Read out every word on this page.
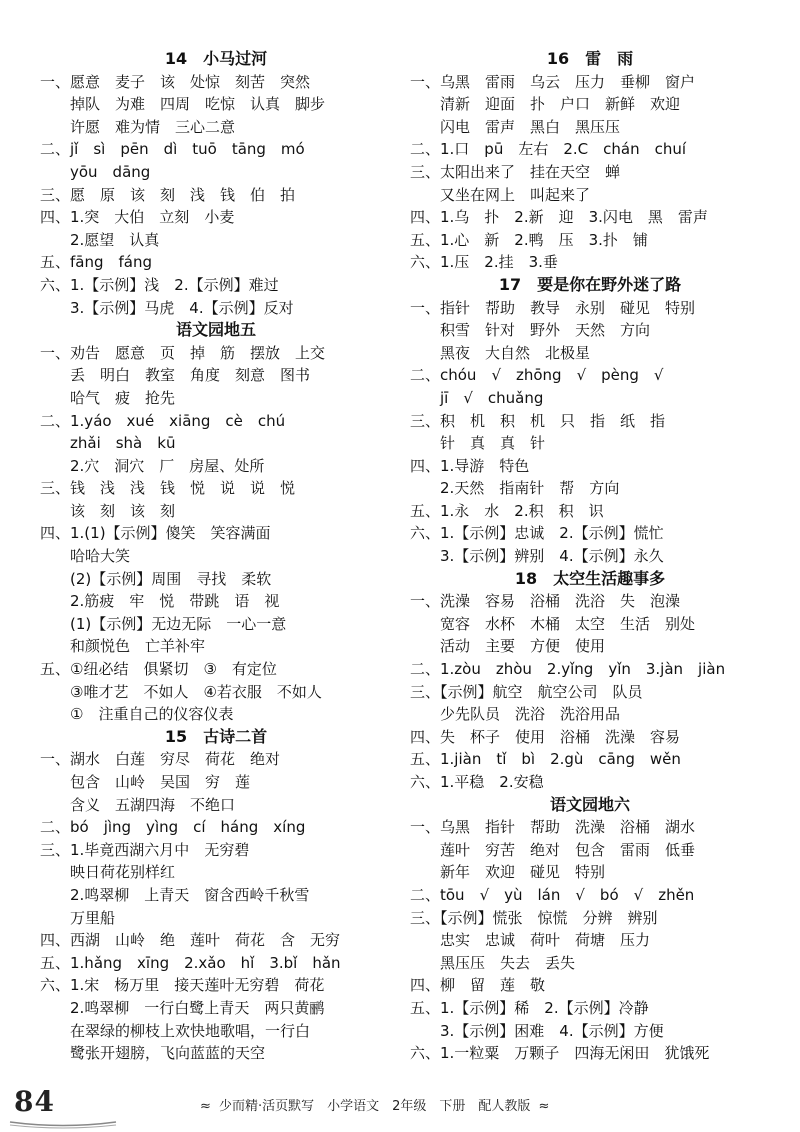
14　小马过河
一、愿意　麦子　该　处惊　刻苦　突然
掉队　为难　四周　吃惊　认真　脚步
许愿　难为情　三心二意
二、jǐ　sì　pēn　dì　tuō　tāng　mó
yōu　dāng
三、愿　原　该　刻　浅　钱　伯　拍
四、1.突　大伯　立刻　小麦
2.愿望　认真
五、fāng　fáng
六、1.【示例】浅　2.【示例】难过
3.【示例】马虎　4.【示例】反对
语文园地五
一、劝告　愿意　页　掉　筋　摆放　上交
丢　明白　教室　角度　刻意　图书
哈气　疲　抢先
二、1.yáo　xué　xiāng　cè　chú
zhǎi　shà　kū
2.穴　洞穴　厂　房屋、处所
三、钱　浅　浅　钱　悦　说　说　悦
该　刻　该　刻
四、1.(1)【示例】傻笑　笑容满面
哈哈大笑
(2)【示例】周围　寻找　柔软
2.筋疲　牢　悦　带跳　语　视
(1)【示例】无边无际　一心一意
和颜悦色　亡羊补牢
五、①纽必结　俱紧切　③　有定位
③唯才艺　不如人　④若衣服　不如人
①　注重自己的仪容仪表
15　古诗二首
一、湖水　白莲　穷尽　荷花　绝对
包含　山岭　吴国　穷　莲
含义　五湖四海　不绝口
二、bó　jìng　yìng　cí　háng　xíng
三、1.毕竟西湖六月中　无穷碧
映日荷花别样红
2.鸣翠柳　上青天　窗含西岭千秋雪
万里船
四、西湖　山岭　绝　莲叶　荷花　含　无穷
五、1.hǎng　xīng　2.xǎo　hǐ　3.bǐ　hǎn
六、1.宋　杨万里　接天莲叶无穷碧　荷花
2.鸣翠柳　一行白鹭上青天　两只黄鹂
在翠绿的柳枝上欢快地歌唱，一行白
鹭张开翅膀，飞向蓝蓝的天空
16　雷　雨
一、乌黑　雷雨　乌云　压力　垂柳　窗户
清新　迎面　扑　户口　新鲜　欢迎
闪电　雷声　黑白　黑压压
二、1.口　pū　左右　2.C　chán　chuí
三、太阳出来了　挂在天空　蝉
又坐在网上　叫起来了
四、1.乌　扑　2.新　迎　3.闪电　黑　雷声
五、1.心　新　2.鸭　压　3.扑　铺
六、1.压　2.挂　3.垂
17　要是你在野外迷了路
一、指针　帮助　教导　永别　碰见　特别
积雪　针对　野外　天然　方向
黑夜　大自然　北极星
二、chóu　√　zhōng　√　pèng　√
jī　√　chuǎng
三、积　机　积　机　只　指　纸　指
针　真　真　针
四、1.导游　特色
2.天然　指南针　帮　方向
五、1.永　水　2.积　积　识
六、1.【示例】忠诚　2.【示例】慌忙
3.【示例】辨别　4.【示例】永久
18　太空生活趣事多
一、洗澡　容易　浴桶　洗浴　失　泡澡
宽容　水杯　木桶　太空　生活　别处
活动　主要　方便　使用
二、1.zòu　zhòu　2.yǐng　yǐn　3.jàn　jiàn
三、【示例】航空　航空公司　队员
少先队员　洗浴　洗浴用品
四、失　杯子　使用　浴桶　洗澡　容易
五、1.jiàn　tǐ　bì　2.gù　cāng　wěn
六、1.平稳　2.安稳
语文园地六
一、乌黑　指针　帮助　洗澡　浴桶　湖水
莲叶　穷苦　绝对　包含　雷雨　低垂
新年　欢迎　碰见　特别
二、tōu　√　yù　lán　√　bó　√　zhěn
三、【示例】慌张　惊慌　分辨　辨别
忠实　忠诚　荷叶　荷塘　压力
黑压压　失去　丢失
四、柳　留　莲　敬
五、1.【示例】稀　2.【示例】冷静
3.【示例】困难　4.【示例】方便
六、1.一粒粟　万颗子　四海无闲田　犹饿死
84	≈ 少而精·活页默写　小学语文　2年级　下册　配人教版 ≈
